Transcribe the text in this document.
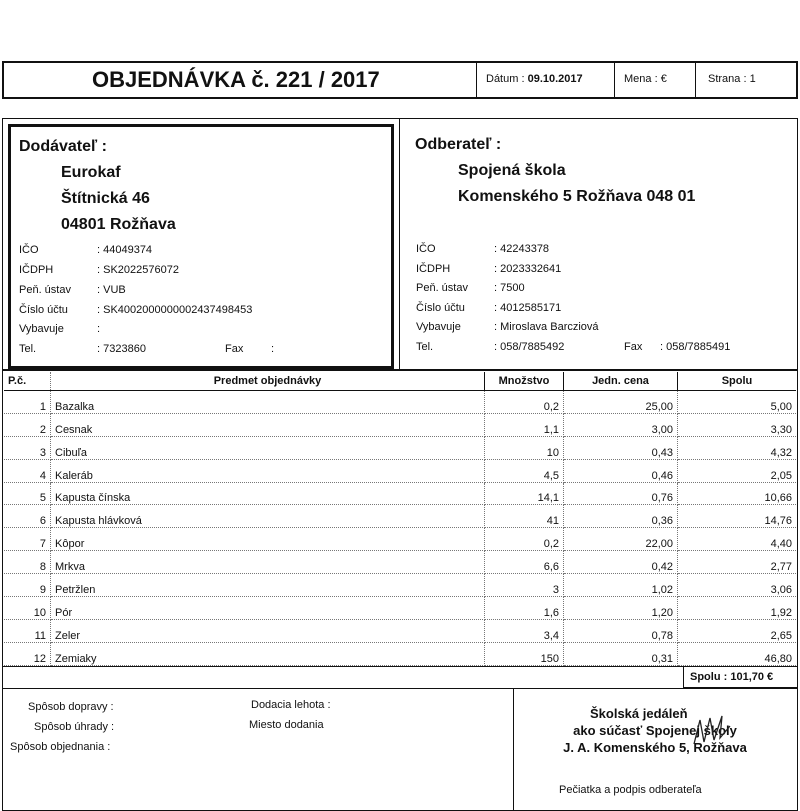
OBJEDNÁVKA č. 221 / 2017	Dátum : 09.10.2017	Mena : €	Strana : 1
Dodávateľ :
Eurokaf
Štítnická 46
04801 Rožňava
IČO	: 44049374
IČDPH	: SK2022576072
Peň. ústav : VUB
Číslo účtu	: SK4002000000002437498453
Vybavuje	:
Tel.	: 7323860	Fax	:
Odberateľ :
Spojená škola
Komenského 5 Rožňava 048 01
IČO	: 42243378
IČDPH	: 2023332641
Peň. ústav : 7500
Číslo účtu	: 4012585171
Vybavuje	: Miroslava Barcziová
Tel.	: 058/7885492	Fax : 058/7885491
P.č.	Predmet objednávky	Množstvo	Jedn. cena	Spolu
1	Bazalka	0,2	25,00	5,00
2	Cesnak	1,1	3,00	3,30
3	Cibuľa	10	0,43	4,32
4	Kaleráb	4,5	0,46	2,05
5	Kapusta čínska	14,1	0,76	10,66
6	Kapusta hlávková	41	0,36	14,76
7	Kôpor	0,2	22,00	4,40
8	Mrkva	6,6	0,42	2,77
9	Petržlen	3	1,02	3,06
10	Pór	1,6	1,20	1,92
11	Zeler	3,4	0,78	2,65
12	Zemiaky	150	0,31	46,80
Spolu : 101,70 €
Spôsob dopravy :
Spôsob úhrady :
Spôsob objednania :
Dodacia lehota :
Miesto dodania
Školská jedáleň
ako súčasť Spojenej školy
J. A. Komenského 5, Rožňava
Pečiatka a podpis odberateľa
